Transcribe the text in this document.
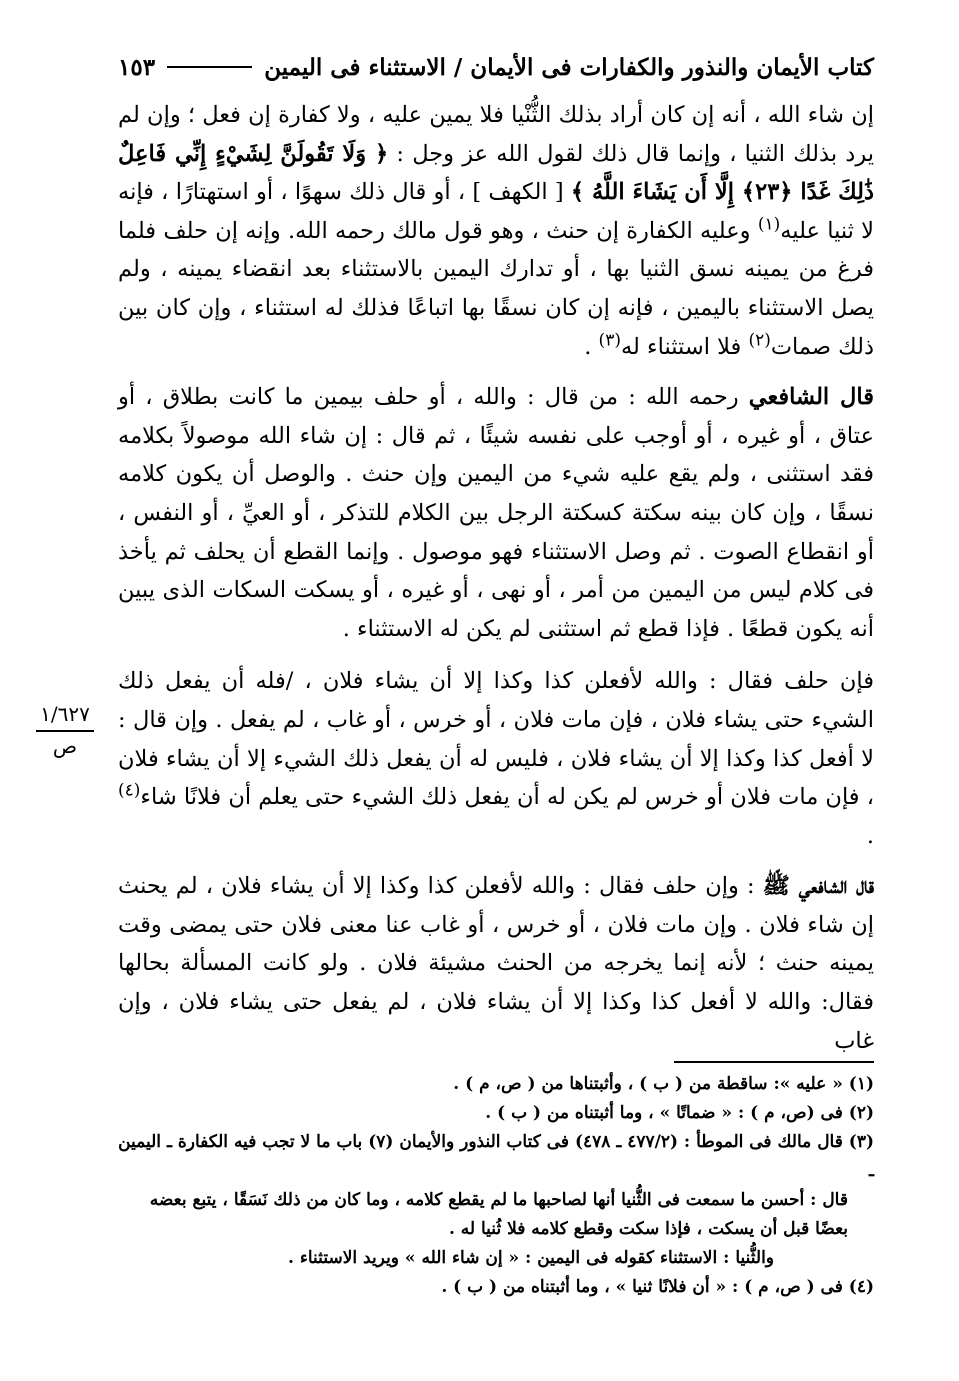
١٥٣	كتاب الأيمان والنذور والكفارات فى الأيمان / الاستثناء فى اليمين
١/٦٢٧
ص

إن شاء الله ، أنه إن كان أراد بذلك الثُّنْيا فلا يمين عليه ، ولا كفارة إن فعل ؛ وإن لم يرد بذلك الثنيا ، وإنما قال ذلك لقول الله عز وجل : ﴿ وَلَا تَقُولَنَّ لِشَيْءٍ إِنِّي فَاعِلٌ ذَٰلِكَ غَدًا ﴿٢٣﴾ إِلَّا أَن يَشَاءَ اللَّهُ ﴾ [ الكهف ] ، أو قال ذلك سهوًا ، أو استهتارًا ، فإنه لا ثنيا عليه$^{(١)}$ وعليه الكفارة إن حنث ، وهو قول مالك رحمه الله. وإنه إن حلف فلما فرغ من يمينه نسق الثنيا بها ، أو تدارك اليمين بالاستثناء بعد انقضاء يمينه ، ولم يصل الاستثناء باليمين ، فإنه إن كان نسقًا بها اتباعًا فذلك له استثناء ، وإن كان بين ذلك صمات$^{(٢)}$ فلا استثناء له$^{(٣)}$ .

قال الشافعي رحمه الله : من قال : والله ، أو حلف بيمين ما كانت بطلاق ، أو عتاق ، أو غيره ، أو أوجب على نفسه شيئًا ، ثم قال : إن شاء الله موصولاً بكلامه فقد استثنى ، ولم يقع عليه شيء من اليمين وإن حنث . والوصل أن يكون كلامه نسقًا ، وإن كان بينه سكتة كسكتة الرجل بين الكلام للتذكر ، أو العيِّ ، أو النفس ، أو انقطاع الصوت . ثم وصل الاستثناء فهو موصول . وإنما القطع أن يحلف ثم يأخذ فى كلام ليس من اليمين من أمر ، أو نهى ، أو غيره ، أو يسكت السكات الذى يبين أنه يكون قطعًا . فإذا قطع ثم استثنى لم يكن له الاستثناء .

فإن حلف فقال : والله لأفعلن كذا وكذا إلا أن يشاء فلان ، /فله أن يفعل ذلك الشيء حتى يشاء فلان ، فإن مات فلان ، أو خرس ، أو غاب ، لم يفعل . وإن قال : لا أفعل كذا وكذا إلا أن يشاء فلان ، فليس له أن يفعل ذلك الشيء إلا أن يشاء فلان ، فإن مات فلان أو خرس لم يكن له أن يفعل ذلك الشيء حتى يعلم أن فلانًا شاء$^{(٤)}$ .

قال الشافعي ﷺ : وإن حلف فقال : والله لأفعلن كذا وكذا إلا أن يشاء فلان ، لم يحنث إن شاء فلان . وإن مات فلان ، أو خرس ، أو غاب عنا معنى فلان حتى يمضى وقت يمينه حنث ؛ لأنه إنما يخرجه من الحنث مشيئة فلان . ولو كانت المسألة بحالها فقال: والله لا أفعل كذا وكذا إلا أن يشاء فلان ، لم يفعل حتى يشاء فلان ، وإن غاب

(١) « عليه »: ساقطة من ( ب ) ، وأثبتناها من ( ص، م ) .
(٢) فى (ص، م ) : « ضماتًا » ، وما أثبتناه من ( ب ) .
(٣) قال مالك فى الموطأ : (٤٧٧/٢ ـ ٤٧٨) فى كتاب النذور والأيمان (٧) باب ما لا تجب فيه الكفارة ـ اليمين ـ
قال : أحسن ما سمعت فى الثُّنيا أنها لصاحبها ما لم يقطع كلامه ، وما كان من ذلك نَسَقًا ، يتبع بعضه بعضًا قبل أن يسكت ، فإذا سكت وقطع كلامه فلا ثُنيا له .
والثُّنيا : الاستثناء كقوله فى اليمين : « إن شاء الله » ويريد الاستثناء .
(٤) فى ( ص، م ) : « أن فلانًا ثنيا » ، وما أثبتناه من ( ب ) .
